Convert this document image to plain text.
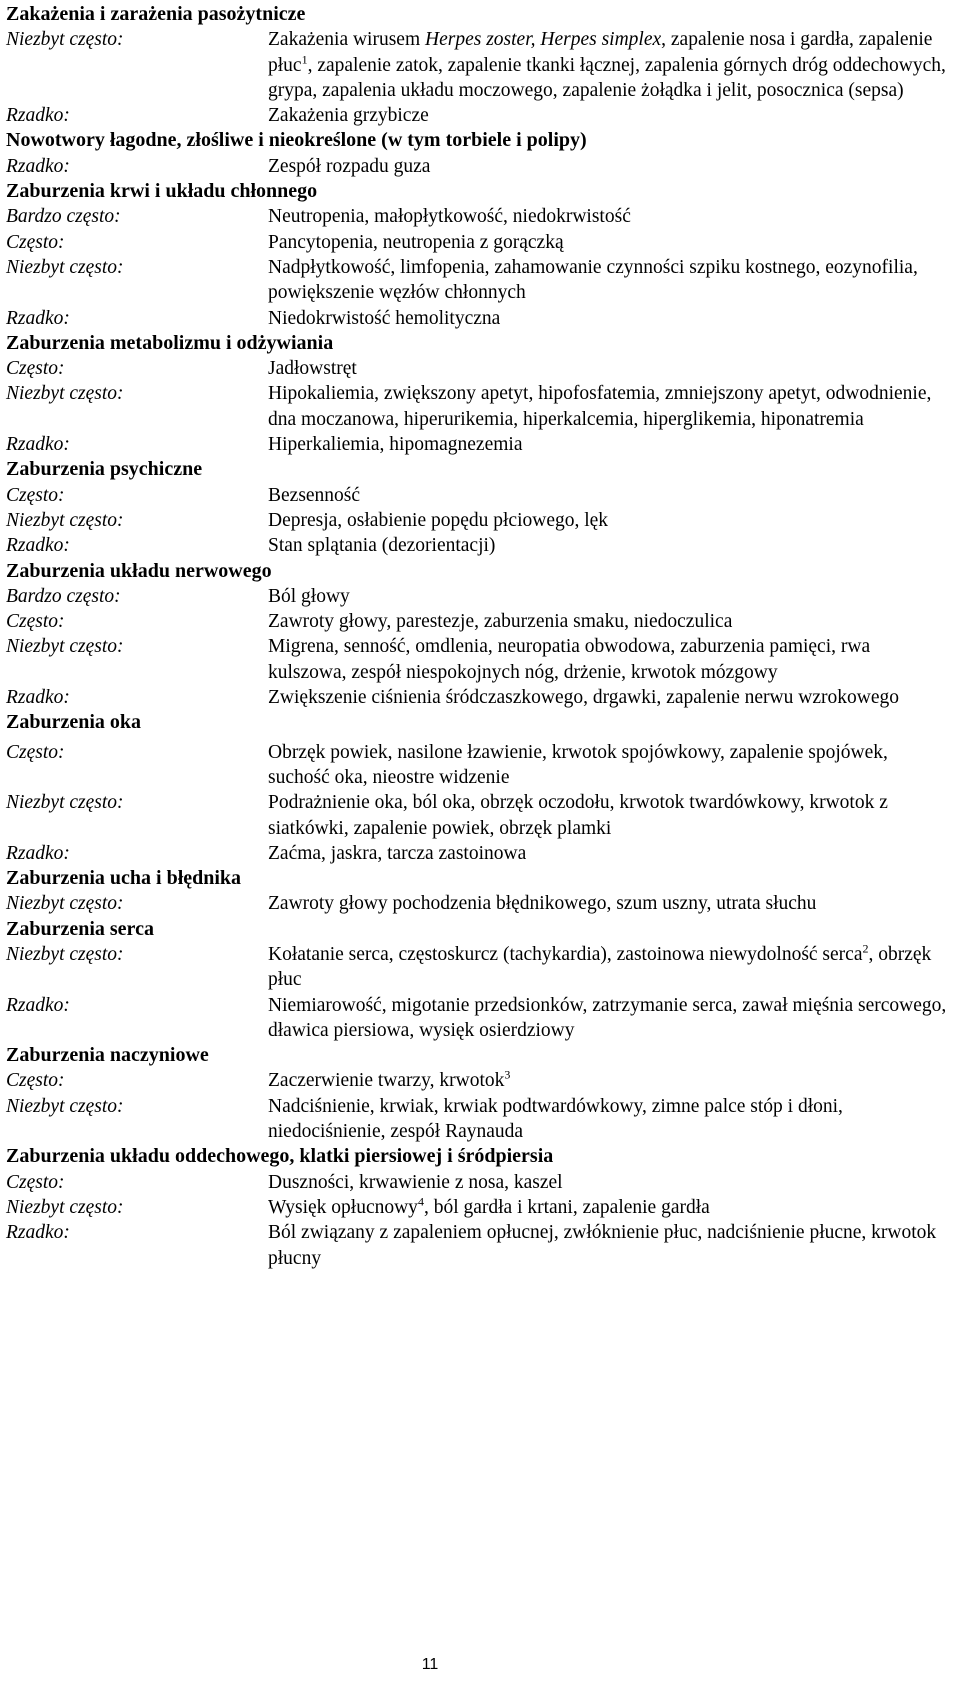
Zakażenia i zarażenia pasożytnicze
Niezbyt często:	Zakażenia wirusem Herpes zoster, Herpes simplex, zapalenie nosa i gardła, zapalenie płuc$^1$, zapalenie zatok, zapalenie tkanki łącznej, zapalenia górnych dróg oddechowych, grypa, zapalenia układu moczowego, zapalenie żołądka i jelit, posocznica (sepsa)
Rzadko:	Zakażenia grzybicze
Nowotwory łagodne, złośliwe i nieokreślone (w tym torbiele i polipy)
Rzadko:	Zespół rozpadu guza
Zaburzenia krwi i układu chłonnego
Bardzo często:	Neutropenia, małopłytkowość, niedokrwistość
Często:	Pancytopenia, neutropenia z gorączką
Niezbyt często:	Nadpłytkowość, limfopenia, zahamowanie czynności szpiku kostnego, eozynofilia, powiększenie węzłów chłonnych
Rzadko:	Niedokrwistość hemolityczna
Zaburzenia metabolizmu i odżywiania
Często:	Jadłowstręt
Niezbyt często:	Hipokaliemia, zwiększony apetyt, hipofosfatemia, zmniejszony apetyt, odwodnienie, dna moczanowa, hiperurikemia, hiperkalcemia, hiperglikemia, hiponatremia
Rzadko:	Hiperkaliemia, hipomagnezemia
Zaburzenia psychiczne
Często:	Bezsenność
Niezbyt często:	Depresja, osłabienie popędu płciowego, lęk
Rzadko:	Stan splątania (dezorientacji)
Zaburzenia układu nerwowego
Bardzo często:	Ból głowy
Często:	Zawroty głowy, parestezje, zaburzenia smaku, niedoczulica
Niezbyt często:	Migrena, senność, omdlenia, neuropatia obwodowa, zaburzenia pamięci, rwa kulszowa, zespół niespokojnych nóg, drżenie, krwotok mózgowy
Rzadko:	Zwiększenie ciśnienia śródczaszkowego, drgawki, zapalenie nerwu wzrokowego
Zaburzenia oka
Często:	Obrzęk powiek, nasilone łzawienie, krwotok spojówkowy, zapalenie spojówek, suchość oka, nieostre widzenie
Niezbyt często:	Podrażnienie oka, ból oka, obrzęk oczodołu, krwotok twardówkowy, krwotok z siatkówki, zapalenie powiek, obrzęk plamki
Rzadko:	Zaćma, jaskra, tarcza zastoinowa
Zaburzenia ucha i błędnika
Niezbyt często:	Zawroty głowy pochodzenia błędnikowego, szum uszny, utrata słuchu
Zaburzenia serca
Niezbyt często:	Kołatanie serca, częstoskurcz (tachykardia), zastoinowa niewydolność serca$^2$, obrzęk płuc
Rzadko:	Niemiarowość, migotanie przedsionków, zatrzymanie serca, zawał mięśnia sercowego, dławica piersiowa, wysięk osierdziowy
Zaburzenia naczyniowe
Często:	Zaczerwienie twarzy, krwotok$^3$
Niezbyt często:	Nadciśnienie, krwiak, krwiak podtwardówkowy, zimne palce stóp i dłoni, niedociśnienie, zespół Raynauda
Zaburzenia układu oddechowego, klatki piersiowej i śródpiersia
Często:	Duszności, krwawienie z nosa, kaszel
Niezbyt często:	Wysięk opłucnowy$^4$, ból gardła i krtani, zapalenie gardła
Rzadko:	Ból związany z zapaleniem opłucnej, zwłóknienie płuc, nadciśnienie płucne, krwotok płucny
11
